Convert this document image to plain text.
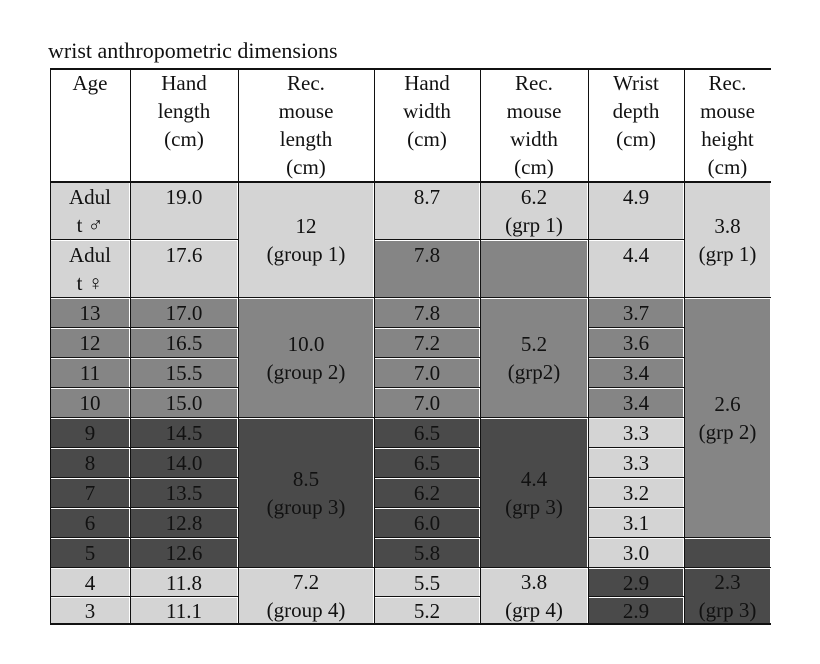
wrist anthropometric dimensions
Age	Hand
length
(cm)
Rec.
mouse
length
(cm)
Hand
width
(cm)
Rec.
mouse
width
(cm)
Wrist
depth
(cm)
Rec.
mouse
height
(cm)
Adul
t ♂
Adul
t ♀
13
12
11
10
9
8
7
6
5
4
3
19.0
17.6
17.0
16.5
15.5
15.0
14.5
14.0
13.5
12.8
12.6
11.8
11.1
8.7
7.8
7.8
7.2
7.0
7.0
6.5
6.5
6.2
6.0
5.8
5.5
5.2
4.9
4.4
3.7
3.6
3.4
3.4
3.3
3.3
3.2
3.1
3.0
2.9
2.9
12
(group 1)
10.0
(group 2)
8.5
(group 3)
7.2
(group 4)
6.2
(grp 1)
5.2
(grp2)
4.4
(grp 3)
3.8
(grp 4)
3.8
(grp 1)
2.6
(grp 2)
2.3
(grp 3)
